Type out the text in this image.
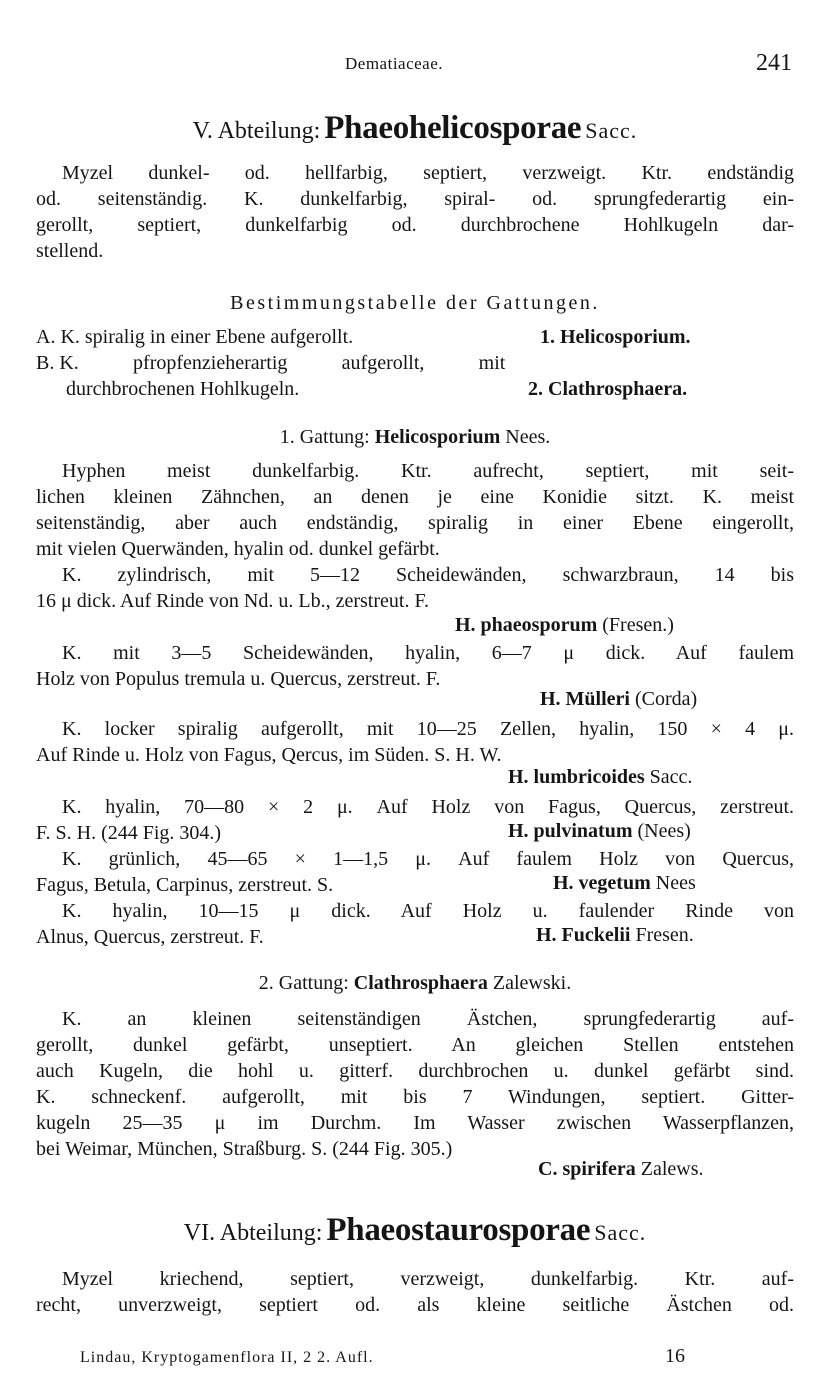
Dematiaceae.	241
V. Abteilung: Phaeohelicosporae Sacc.
Myzel dunkel- od. hellfarbig, septiert, verzweigt. Ktr. endständig
od. seitenständig. K. dunkelfarbig, spiral- od. sprungfederartig ein-
gerollt, septiert, dunkelfarbig od. durchbrochene Hohlkugeln dar-
stellend.
Bestimmungstabelle der Gattungen.
A. K. spiralig in einer Ebene aufgerollt.	1. Helicosporium.
B. K. pfropfenzieherartig aufgerollt, mit
durchbrochenen Hohlkugeln.	2. Clathrosphaera.
1. Gattung: Helicosporium Nees.
Hyphen meist dunkelfarbig. Ktr. aufrecht, septiert, mit seit-
lichen kleinen Zähnchen, an denen je eine Konidie sitzt. K. meist
seitenständig, aber auch endständig, spiralig in einer Ebene eingerollt,
mit vielen Querwänden, hyalin od. dunkel gefärbt.
K. zylindrisch, mit 5—12 Scheidewänden, schwarzbraun, 14 bis
16 μ dick. Auf Rinde von Nd. u. Lb., zerstreut. F.
H. phaeosporum (Fresen.)
K. mit 3—5 Scheidewänden, hyalin, 6—7 μ dick. Auf faulem
Holz von Populus tremula u. Quercus, zerstreut. F.
H. Mülleri (Corda)
K. locker spiralig aufgerollt, mit 10—25 Zellen, hyalin, 150 × 4 μ.
Auf Rinde u. Holz von Fagus, Qercus, im Süden. S. H. W.
H. lumbricoides Sacc.
K. hyalin, 70—80 × 2 μ. Auf Holz von Fagus, Quercus, zerstreut.
F. S. H. (244 Fig. 304.)	H. pulvinatum (Nees)
K. grünlich, 45—65 × 1—1,5 μ. Auf faulem Holz von Quercus,
Fagus, Betula, Carpinus, zerstreut. S.	H. vegetum Nees
K. hyalin, 10—15 μ dick. Auf Holz u. faulender Rinde von
Alnus, Quercus, zerstreut. F.	H. Fuckelii Fresen.
2. Gattung: Clathrosphaera Zalewski.
K. an kleinen seitenständigen Ästchen, sprungfederartig auf-
gerollt, dunkel gefärbt, unseptiert. An gleichen Stellen entstehen
auch Kugeln, die hohl u. gitterf. durchbrochen u. dunkel gefärbt sind.
K. schneckenf. aufgerollt, mit bis 7 Windungen, septiert. Gitter-
kugeln 25—35 μ im Durchm. Im Wasser zwischen Wasserpflanzen,
bei Weimar, München, Straßburg. S. (244 Fig. 305.)
C. spirifera Zalews.
VI. Abteilung: Phaeostaurosporae Sacc.
Myzel kriechend, septiert, verzweigt, dunkelfarbig. Ktr. auf-
recht, unverzweigt, septiert od. als kleine seitliche Ästchen od.
Lindau, Kryptogamenflora II, 2 2. Aufl.	16
